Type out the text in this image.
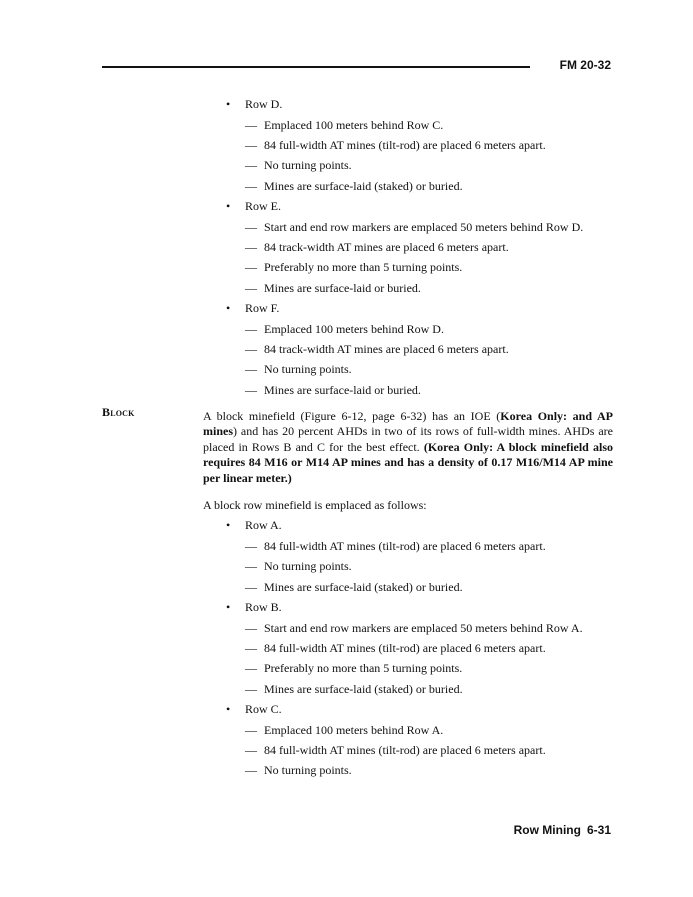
FM 20-32
• Row D.
— Emplaced 100 meters behind Row C.
— 84 full-width AT mines (tilt-rod) are placed 6 meters apart.
— No turning points.
— Mines are surface-laid (staked) or buried.
• Row E.
— Start and end row markers are emplaced 50 meters behind Row D.
— 84 track-width AT mines are placed 6 meters apart.
— Preferably no more than 5 turning points.
— Mines are surface-laid or buried.
• Row F.
— Emplaced 100 meters behind Row D.
— 84 track-width AT mines are placed 6 meters apart.
— No turning points.
— Mines are surface-laid or buried.
Block	A block minefield (Figure 6-12, page 6-32) has an IOE (Korea Only: and AP mines) and has 20 percent AHDs in two of its rows of full-width mines. AHDs are placed in Rows B and C for the best effect. (Korea Only: A block minefield also requires 84 M16 or M14 AP mines and has a density of 0.17 M16/M14 AP mine per linear meter.)
A block row minefield is emplaced as follows:
• Row A.
— 84 full-width AT mines (tilt-rod) are placed 6 meters apart.
— No turning points.
— Mines are surface-laid (staked) or buried.
• Row B.
— Start and end row markers are emplaced 50 meters behind Row A.
— 84 full-width AT mines (tilt-rod) are placed 6 meters apart.
— Preferably no more than 5 turning points.
— Mines are surface-laid (staked) or buried.
• Row C.
— Emplaced 100 meters behind Row A.
— 84 full-width AT mines (tilt-rod) are placed 6 meters apart.
— No turning points.
Row Mining 6-31
